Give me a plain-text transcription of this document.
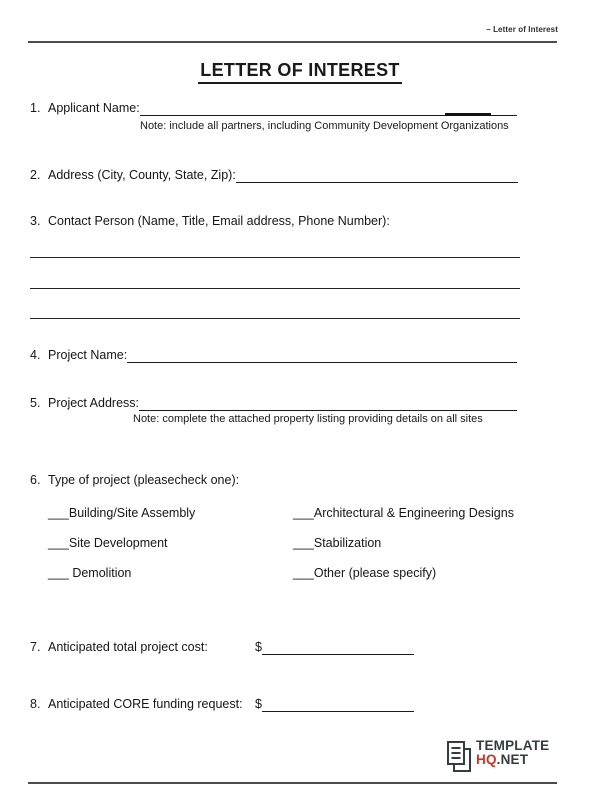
– Letter of Interest
LETTER OF INTEREST
1. Applicant Name:
Note: include all partners, including Community Development Organizations
2. Address (City, County, State, Zip):
3. Contact Person (Name, Title, Email address, Phone Number):
4. Project Name:
5. Project Address:
Note: complete the attached property listing providing details on all sites
6. Type of project (pleasecheck one):
___Building/Site Assembly	___Architectural & Engineering Designs
___Site Development	___Stabilization
___ Demolition	___Other (please specify)
7. Anticipated total project cost:	$
8. Anticipated CORE funding request: $
TEMPLATE
HQ.NET
